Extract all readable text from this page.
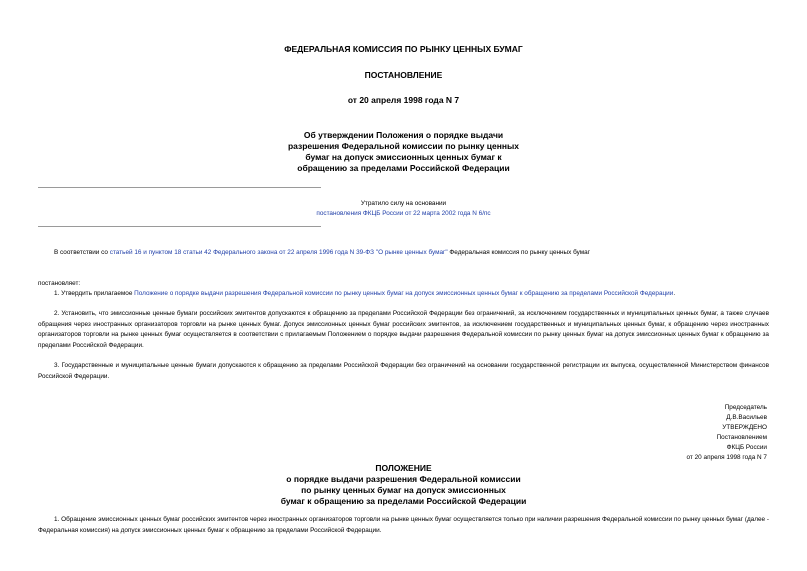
ФЕДЕРАЛЬНАЯ КОМИССИЯ ПО РЫНКУ ЦЕННЫХ БУМАГ
ПОСТАНОВЛЕНИЕ
от 20 апреля 1998 года N 7
Об утверждении Положения о порядке выдачи
разрешения Федеральной комиссии по рынку ценных
бумаг на допуск эмиссионных ценных бумаг к
обращению за пределами Российской Федерации
Утратило силу на основании
постановления ФКЦБ России от 22 марта 2002 года N 6/пс
В соответствии со статьей 16 и пунктом 18 статьи 42 Федерального закона от 22 апреля 1996 года N 39-ФЗ "О рынке ценных бумаг" Федеральная комиссия по рынку ценных бумаг
постановляет:
1. Утвердить прилагаемое Положение о порядке выдачи разрешения Федеральной комиссии по рынку ценных бумаг на допуск эмиссионных ценных бумаг к обращению за пределами Российской Федерации.
2. Установить, что эмиссионные ценные бумаги российских эмитентов допускаются к обращению за пределами Российской Федерации без ограничений, за исключением государственных и муниципальных ценных бумаг, а также случаев обращения через иностранных организаторов торговли на рынке ценных бумаг. Допуск эмиссионных ценных бумаг российских эмитентов, за исключением государственных и муниципальных ценных бумаг, к обращению через иностранных организаторов торговли на рынке ценных бумаг осуществляется в соответствии с прилагаемым Положением о порядке выдачи разрешения Федеральной комиссии по рынку ценных бумаг на допуск эмиссионных ценных бумаг к обращению за пределами Российской Федерации.
3. Государственные и муниципальные ценные бумаги допускаются к обращению за пределами Российской Федерации без ограничений на основании государственной регистрации их выпуска, осуществленной Министерством финансов Российской Федерации.
Председатель
Д.В.Васильев
УТВЕРЖДЕНО
Постановлением
ФКЦБ России
от 20 апреля 1998 года N 7
ПОЛОЖЕНИЕ
о порядке выдачи разрешения Федеральной комиссии
по рынку ценных бумаг на допуск эмиссионных
бумаг к обращению за пределами Российской Федерации
1. Обращение эмиссионных ценных бумаг российских эмитентов через иностранных организаторов торговли на рынке ценных бумаг осуществляется только при наличии разрешения Федеральной комиссии по рынку ценных бумаг (далее - Федеральная комиссия) на допуск эмиссионных ценных бумаг к обращению за пределами Российской Федерации.
